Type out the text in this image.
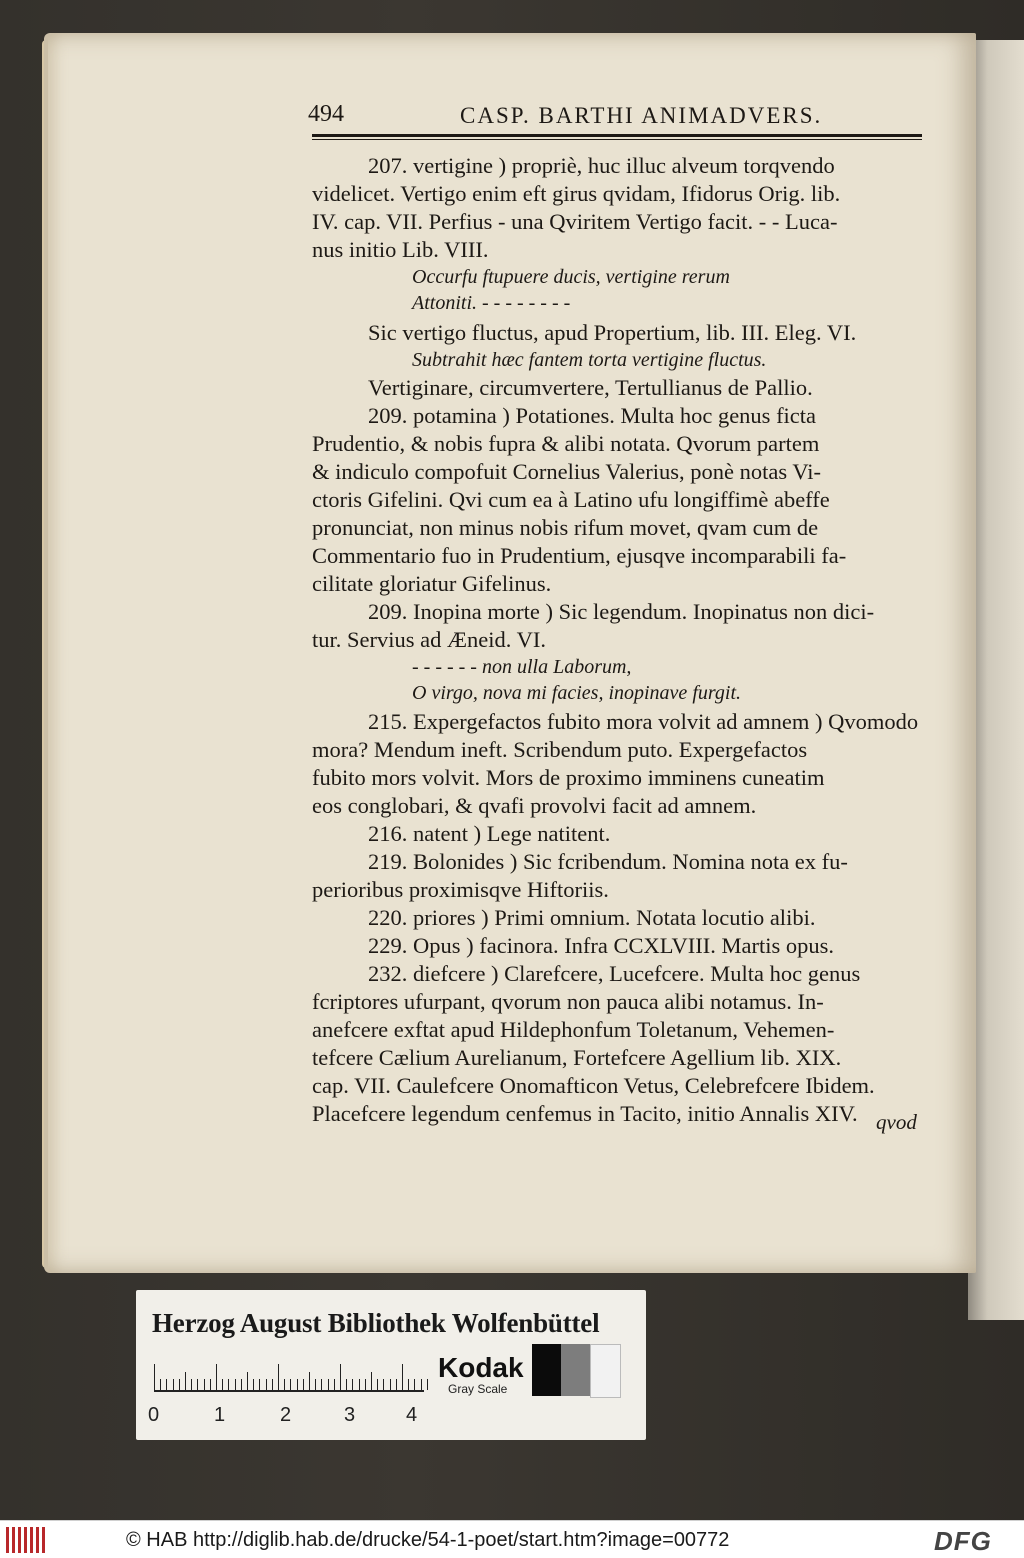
494	CASP. BARTHI ANIMADVERS.
207. vertigine ) propriè, huc illuc alveum torqvendo
videlicet. Vertigo enim eft girus qvidam, Ifidorus Orig. lib.
IV. cap. VII. Perfius - una Qviritem Vertigo facit. - - Luca-
nus initio Lib. VIII.
Occurfu ftupuere ducis, vertigine rerum
Attoniti. - - - - - - - -
Sic vertigo fluctus, apud Propertium, lib. III. Eleg. VI.
Subtrahit hæc fantem torta vertigine fluctus.
Vertiginare, circumvertere, Tertullianus de Pallio.
209. potamina ) Potationes. Multa hoc genus ficta
Prudentio, & nobis fupra & alibi notata. Qvorum partem
& indiculo compofuit Cornelius Valerius, ponè notas Vi-
ctoris Gifelini. Qvi cum ea à Latino ufu longiffimè abeffe
pronunciat, non minus nobis rifum movet, qvam cum de
Commentario fuo in Prudentium, ejusqve incomparabili fa-
cilitate gloriatur Gifelinus.
209. Inopina morte ) Sic legendum. Inopinatus non dici-
tur. Servius ad Æneid. VI.
- - - - - - non ulla Laborum,
O virgo, nova mi facies, inopinave furgit.
215. Expergefactos fubito mora volvit ad amnem ) Qvomodo
mora? Mendum ineft. Scribendum puto. Expergefactos
fubito mors volvit. Mors de proximo imminens cuneatim
eos conglobari, & qvafi provolvi facit ad amnem.
216. natent ) Lege natitent.
219. Bolonides ) Sic fcribendum. Nomina nota ex fu-
perioribus proximisqve Hiftoriis.
220. priores ) Primi omnium. Notata locutio alibi.
229. Opus ) facinora. Infra CCXLVIII. Martis opus.
232. diefcere ) Clarefcere, Lucefcere. Multa hoc genus
fcriptores ufurpant, qvorum non pauca alibi notamus. In-
anefcere exftat apud Hildephonfum Toletanum, Vehemen-
tefcere Cælium Aurelianum, Fortefcere Agellium lib. XIX.
cap. VII. Caulefcere Onomafticon Vetus, Celebrefcere Ibidem.
Placefcere legendum cenfemus in Tacito, initio Annalis XIV. qvod
Herzog August Bibliothek Wolfenbüttel
0	1	2	3	4
Kodak
Gray Scale
© HAB http://diglib.hab.de/drucke/54-1-poet/start.htm?image=00772	DFG
